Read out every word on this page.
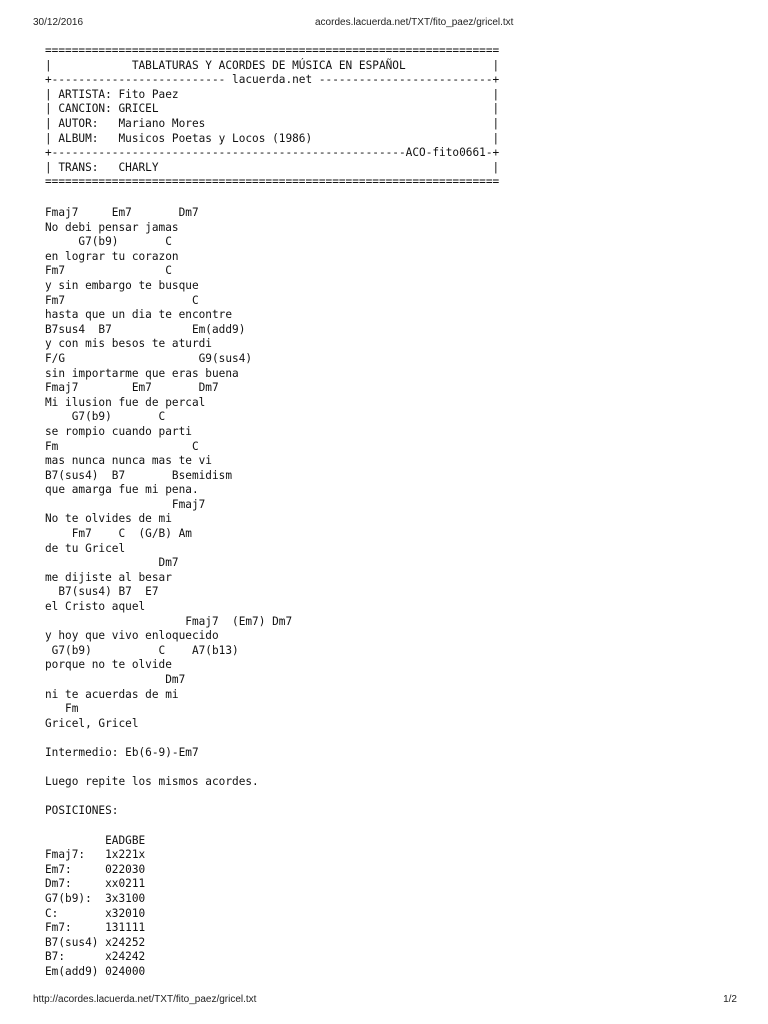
30/12/2016	acordes.lacuerda.net/TXT/fito_paez/gricel.txt
====================================================================
|            TABLATURAS Y ACORDES DE MÚSICA EN ESPAÑOL             |
+-------------------------- lacuerda.net --------------------------+
| ARTISTA: Fito Paez                                               |
| CANCION: GRICEL                                                  |
| AUTOR:   Mariano Mores                                           |
| ALBUM:   Musicos Poetas y Locos (1986)                           |
+-----------------------------------------------------ACO-fito0661-+
| TRANS:   CHARLY                                                  |
====================================================================
Fmaj7     Em7       Dm7
No debi pensar jamas
G7(b9)       C
en lograr tu corazon
Fm7               C
y sin embargo te busque
Fm7                   C
hasta que un dia te encontre
B7sus4  B7            Em(add9)
y con mis besos te aturdi
F/G                    G9(sus4)
sin importarme que eras buena
Fmaj7        Em7       Dm7
Mi ilusion fue de percal
G7(b9)       C
se rompio cuando parti
Fm                    C
mas nunca nunca mas te vi
B7(sus4)  B7       Bsemidism
que amarga fue mi pena.
Fmaj7
No te olvides de mi
Fm7    C  (G/B) Am
de tu Gricel
Dm7
me dijiste al besar
B7(sus4) B7  E7
el Cristo aquel
Fmaj7  (Em7) Dm7
y hoy que vivo enloquecido
G7(b9)          C    A7(b13)
porque no te olvide
Dm7
ni te acuerdas de mi
Fm
Gricel, Gricel
Intermedio: Eb(6-9)-Em7
Luego repite los mismos acordes.
POSICIONES:
EADGBE
Fmaj7:   1x221x
Em7:     022030
Dm7:     xx0211
G7(b9):  3x3100
C:       x32010
Fm7:     131111
B7(sus4) x24252
B7:      x24242
Em(add9) 024000
http://acordes.lacuerda.net/TXT/fito_paez/gricel.txt	1/2
